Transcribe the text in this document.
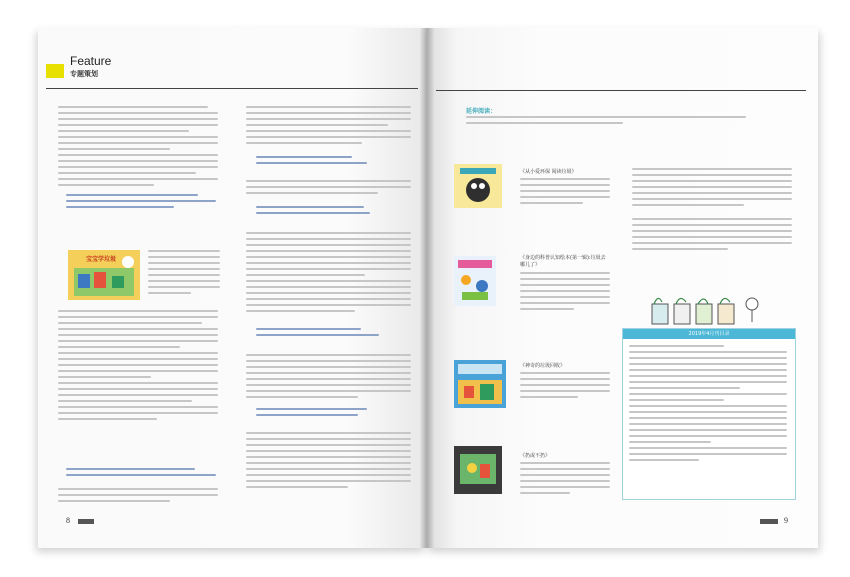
Feature
专题策划
宝宝学垃圾
8
延伸阅读：
《从小爱环保 阅读垃圾》
《身边的科普认知绘本(第一辑):垃圾去哪儿了》
《神奇的垃圾回收》
《扔或不扔》
2019年4月刊目录
9
